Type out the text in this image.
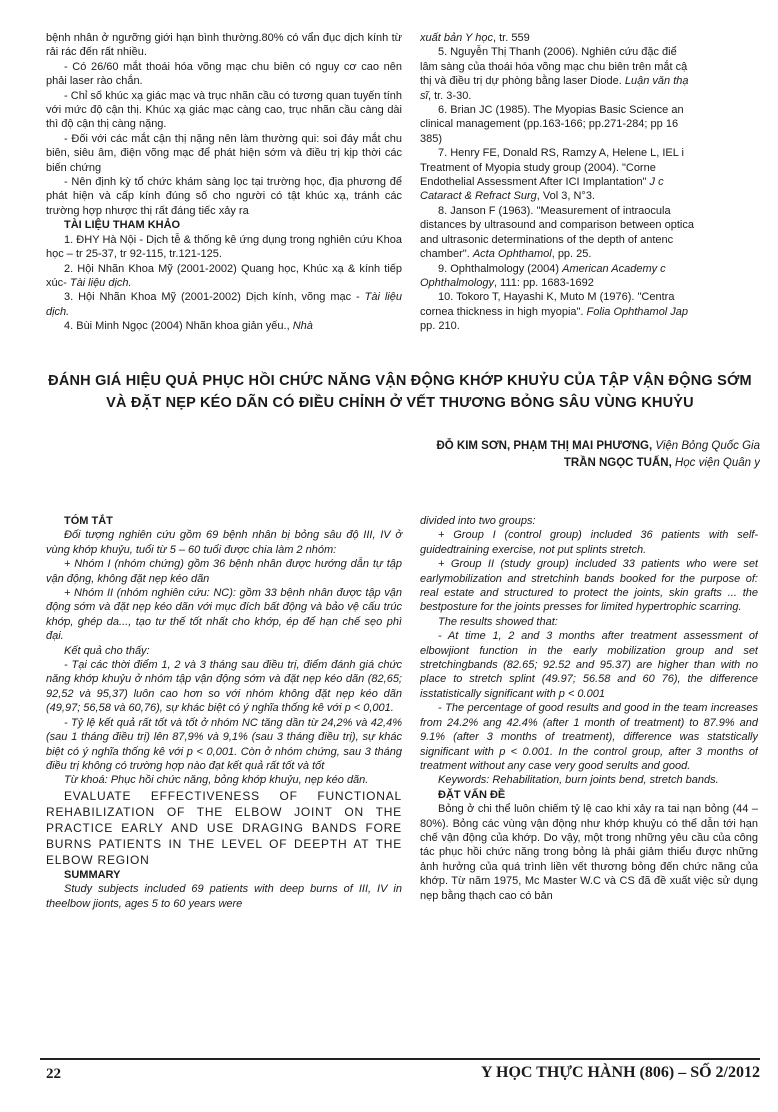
bệnh nhân ở ngưỡng giới hạn bình thường.80% có vẩn đục dịch kính từ rải rác đến rất nhiều.

- Có 26/60 mắt thoái hóa võng mạc chu biên có nguy cơ cao nên phải laser rào chắn.

- Chỉ số khúc xạ giác mạc và trục nhãn cầu có tương quan tuyến tính với mức độ cận thị. Khúc xạ giác mạc càng cao, trục nhãn cầu càng dài thì độ cận thị càng nặng.

- Đối với các mắt cận thị nặng nên làm thường qui: soi đáy mắt chu biên, siêu âm, điện võng mạc để phát hiện sớm và điều trị kịp thời các biến chứng

- Nên định kỳ tổ chức khám sàng lọc tại trường học, địa phương để phát hiện và cấp kính đúng số cho người có tật khúc xạ, tránh các trường hợp nhược thị rất đáng tiếc xảy ra

TÀI LIỆU THAM KHẢO

1. ĐHY Hà Nội - Dịch tễ & thống kê ứng dụng trong nghiên cứu Khoa học – tr 25-37, tr 92-115, tr.121-125.

2. Hội Nhãn Khoa Mỹ (2001-2002) Quang học, Khúc xạ & kính tiếp xúc- Tài liệu dịch.

3. Hội Nhãn Khoa Mỹ (2001-2002) Dịch kính, võng mạc - Tài liệu dịch.

4. Bùi Minh Ngọc (2004) Nhãn khoa giản yếu., Nhà

xuất bản Y học, tr. 559

5. Nguyễn Thị Thanh (2006). Nghiên cứu đặc điể

lâm sàng của thoái hóa võng mạc chu biên trên mắt cậ

thị và điều trị dự phòng bằng laser Diode. Luận văn thạ

sĩ, tr. 3-30.

6. Brian JC (1985). The Myopias Basic Science an

clinical management (pp.163-166; pp.271-284; pp 16

385)

7. Henry FE, Donald RS, Ramzy A, Helene L, IEL i

Treatment of Myopia study group (2004). "Corne

Endothelial Assessment After ICI Implantation" J c

Cataract & Refract Surg, Vol 3, N°3.

8. Janson F (1963). "Measurement of intraocula

distances by ultrasound and comparison between optica

and ultrasonic determinations of the depth of antenc

chamber". Acta Ophthamol, pp. 25.

9. Ophthalmology (2004) American Academy c

Ophthalmology, 111: pp. 1683-1692

10. Tokoro T, Hayashi K, Muto M (1976). "Centra

cornea thickness in high myopia". Folia Ophthamol Jap

pp. 210.

ĐÁNH GIÁ HIỆU QUẢ PHỤC HỒI CHỨC NĂNG VẬN ĐỘNG KHỚP KHUỶU CỦA TẬP VẬN ĐỘNG SỚM
VÀ ĐẶT NẸP KÉO DÃN CÓ ĐIỀU CHỈNH Ở VẾT THƯƠNG BỎNG SÂU VÙNG KHUỶU
ĐỖ KIM SƠN, PHẠM THỊ MAI PHƯƠNG, Viện Bỏng Quốc Gia
TRẦN NGỌC TUẤN, Học viện Quân y

TÓM TẮT

Đối tượng nghiên cứu gồm 69 bệnh nhân bị bỏng sâu độ III, IV ở vùng khớp khuỷu, tuổi từ 5 – 60 tuổi được chia làm 2 nhóm:

+ Nhóm I (nhóm chứng) gồm 36 bệnh nhân được hướng dẫn tự tập vận động, không đặt nẹp kéo dãn

+ Nhóm II (nhóm nghiên cứu: NC): gồm 33 bệnh nhân được tập vận động sớm và đặt nẹp kéo dãn với mục đích bất động và bảo vệ cấu trúc khớp, ghép da..., tạo tư thế tốt nhất cho khớp, ép để hạn chế sẹo phì đại.

Kết quả cho thấy:

- Tại các thời điểm 1, 2 và 3 tháng sau điều trị, điểm đánh giá chức năng khớp khuỷu ở nhóm tập vận động sớm và đặt nẹp kéo dãn (82,65; 92,52 và 95,37) luôn cao hơn so với nhóm không đặt nẹp kéo dãn (49,97; 56,58 và 60,76), sự khác biệt có ý nghĩa thống kê với p < 0,001.

- Tỷ lệ kết quả rất tốt và tốt ở nhóm NC tăng dần từ 24,2% và 42,4% (sau 1 tháng điều trị) lên 87,9% và 9,1% (sau 3 tháng điều trị), sự khác biệt có ý nghĩa thống kê với p < 0,001. Còn ở nhóm chứng, sau 3 tháng điều trị không có trường hợp nào đạt kết quả rất tốt và tốt

Từ khoá: Phục hồi chức năng, bỏng khớp khuỷu, nẹp kéo dãn.

EVALUATE EFFECTIVENESS OF FUNCTIONAL REHABILIZATION OF THE ELBOW JOINT ON THE PRACTICE EARLY AND USE DRAGING BANDS FORE BURNS PATIENTS IN THE LEVEL OF DEEPTH AT THE ELBOW REGION

SUMMARY

Study subjects included 69 patients with deep burns of III, IV in theelbow jionts, ages 5 to 60 years were

divided into two groups:

+ Group I (control group) included 36 patients with self-guidedtraining exercise, not put splints stretch.

+ Group II (study group) included 33 patients who were set earlymobilization and stretchinh bands booked for the purpose of: real estate and structured to protect the joints, skin grafts ... the bestposture for the joints presses for limited hypertrophic scarring.

The results showed that:

- At time 1, 2 and 3 months after treatment assessment of elbowjiont function in the early mobilization group and set stretchingbands (82.65; 92.52 and 95.37) are higher than with no place to stretch splint (49.97; 56.58 and 60 76), the difference isstatistically significant with p < 0.001

- The percentage of good results and good in the team increases from 24.2% ang 42.4% (after 1 month of treatment) to 87.9% and 9.1% (after 3 months of treatment), difference was statstically significant with p < 0.001. In the control group, after 3 months of treatment without any case very good serults and good.

Keywords: Rehabilitation, burn joints bend, stretch bands.

ĐẶT VẤN ĐỀ

Bỏng ở chi thể luôn chiếm tỷ lệ cao khi xảy ra tai nạn bỏng (44 – 80%). Bỏng các vùng vận động như khớp khuỷu có thể dẫn tới hạn chế vận động của khớp. Do vậy, một trong những yêu cầu của công tác phục hồi chức năng trong bỏng là phải giảm thiểu được những ảnh hưởng của quá trình liền vết thương bỏng đến chức năng của khớp. Từ năm 1975, Mc Master W.C và CS đã đề xuất việc sử dụng nẹp bằng thạch cao có bản

22	Y HỌC THỰC HÀNH (806) – SỐ 2/2012
